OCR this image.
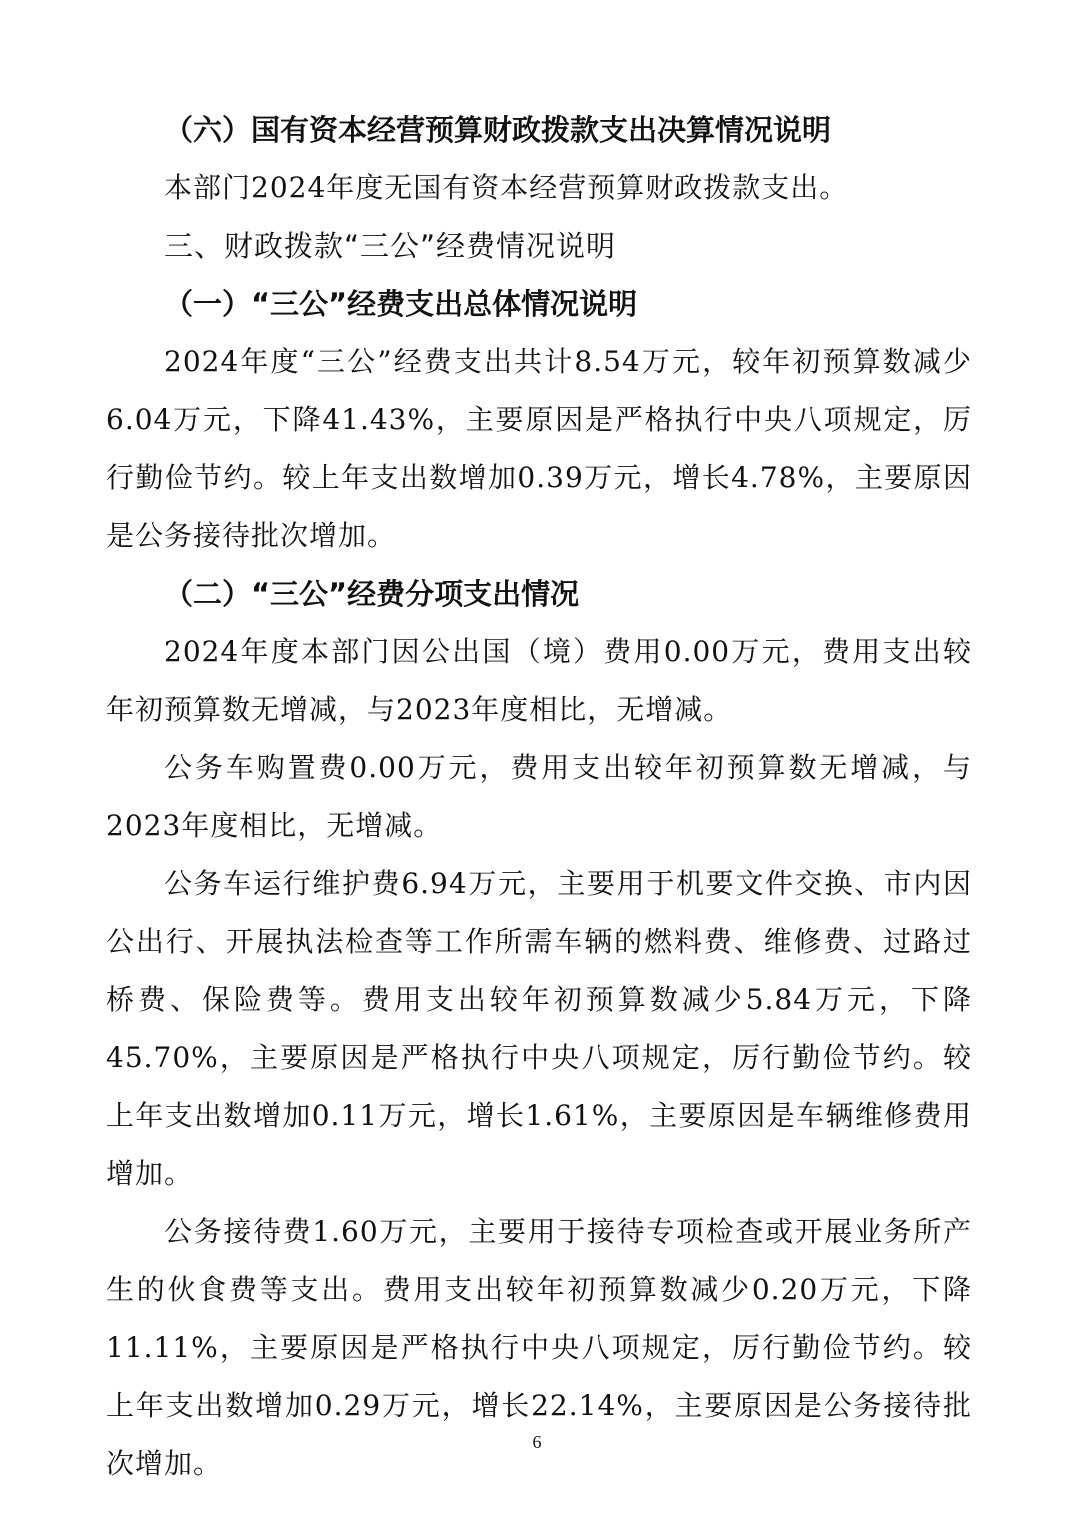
（六）国有资本经营预算财政拨款支出决算情况说明

本部门2024年度无国有资本经营预算财政拨款支出。

三、财政拨款“三公”经费情况说明
（一）“三公”经费支出总体情况说明

2024年度“三公”经费支出共计8.54万元，较年初预算数减少6.04万元，下降41.43%，主要原因是严格执行中央八项规定，厉行勤俭节约。较上年支出数增加0.39万元，增长4.78%，主要原因是公务接待批次增加。

（二）“三公”经费分项支出情况

2024年度本部门因公出国（境）费用0.00万元，费用支出较年初预算数无增减，与2023年度相比，无增减。

公务车购置费0.00万元，费用支出较年初预算数无增减，与2023年度相比，无增减。

公务车运行维护费6.94万元，主要用于机要文件交换、市内因公出行、开展执法检查等工作所需车辆的燃料费、维修费、过路过桥费、保险费等。费用支出较年初预算数减少5.84万元，下降45.70%，主要原因是严格执行中央八项规定，厉行勤俭节约。较上年支出数增加0.11万元，增长1.61%，主要原因是车辆维修费用增加。

公务接待费1.60万元，主要用于接待专项检查或开展业务所产生的伙食费等支出。费用支出较年初预算数减少0.20万元，下降11.11%，主要原因是严格执行中央八项规定，厉行勤俭节约。较上年支出数增加0.29万元，增长22.14%，主要原因是公务接待批次增加。

6
